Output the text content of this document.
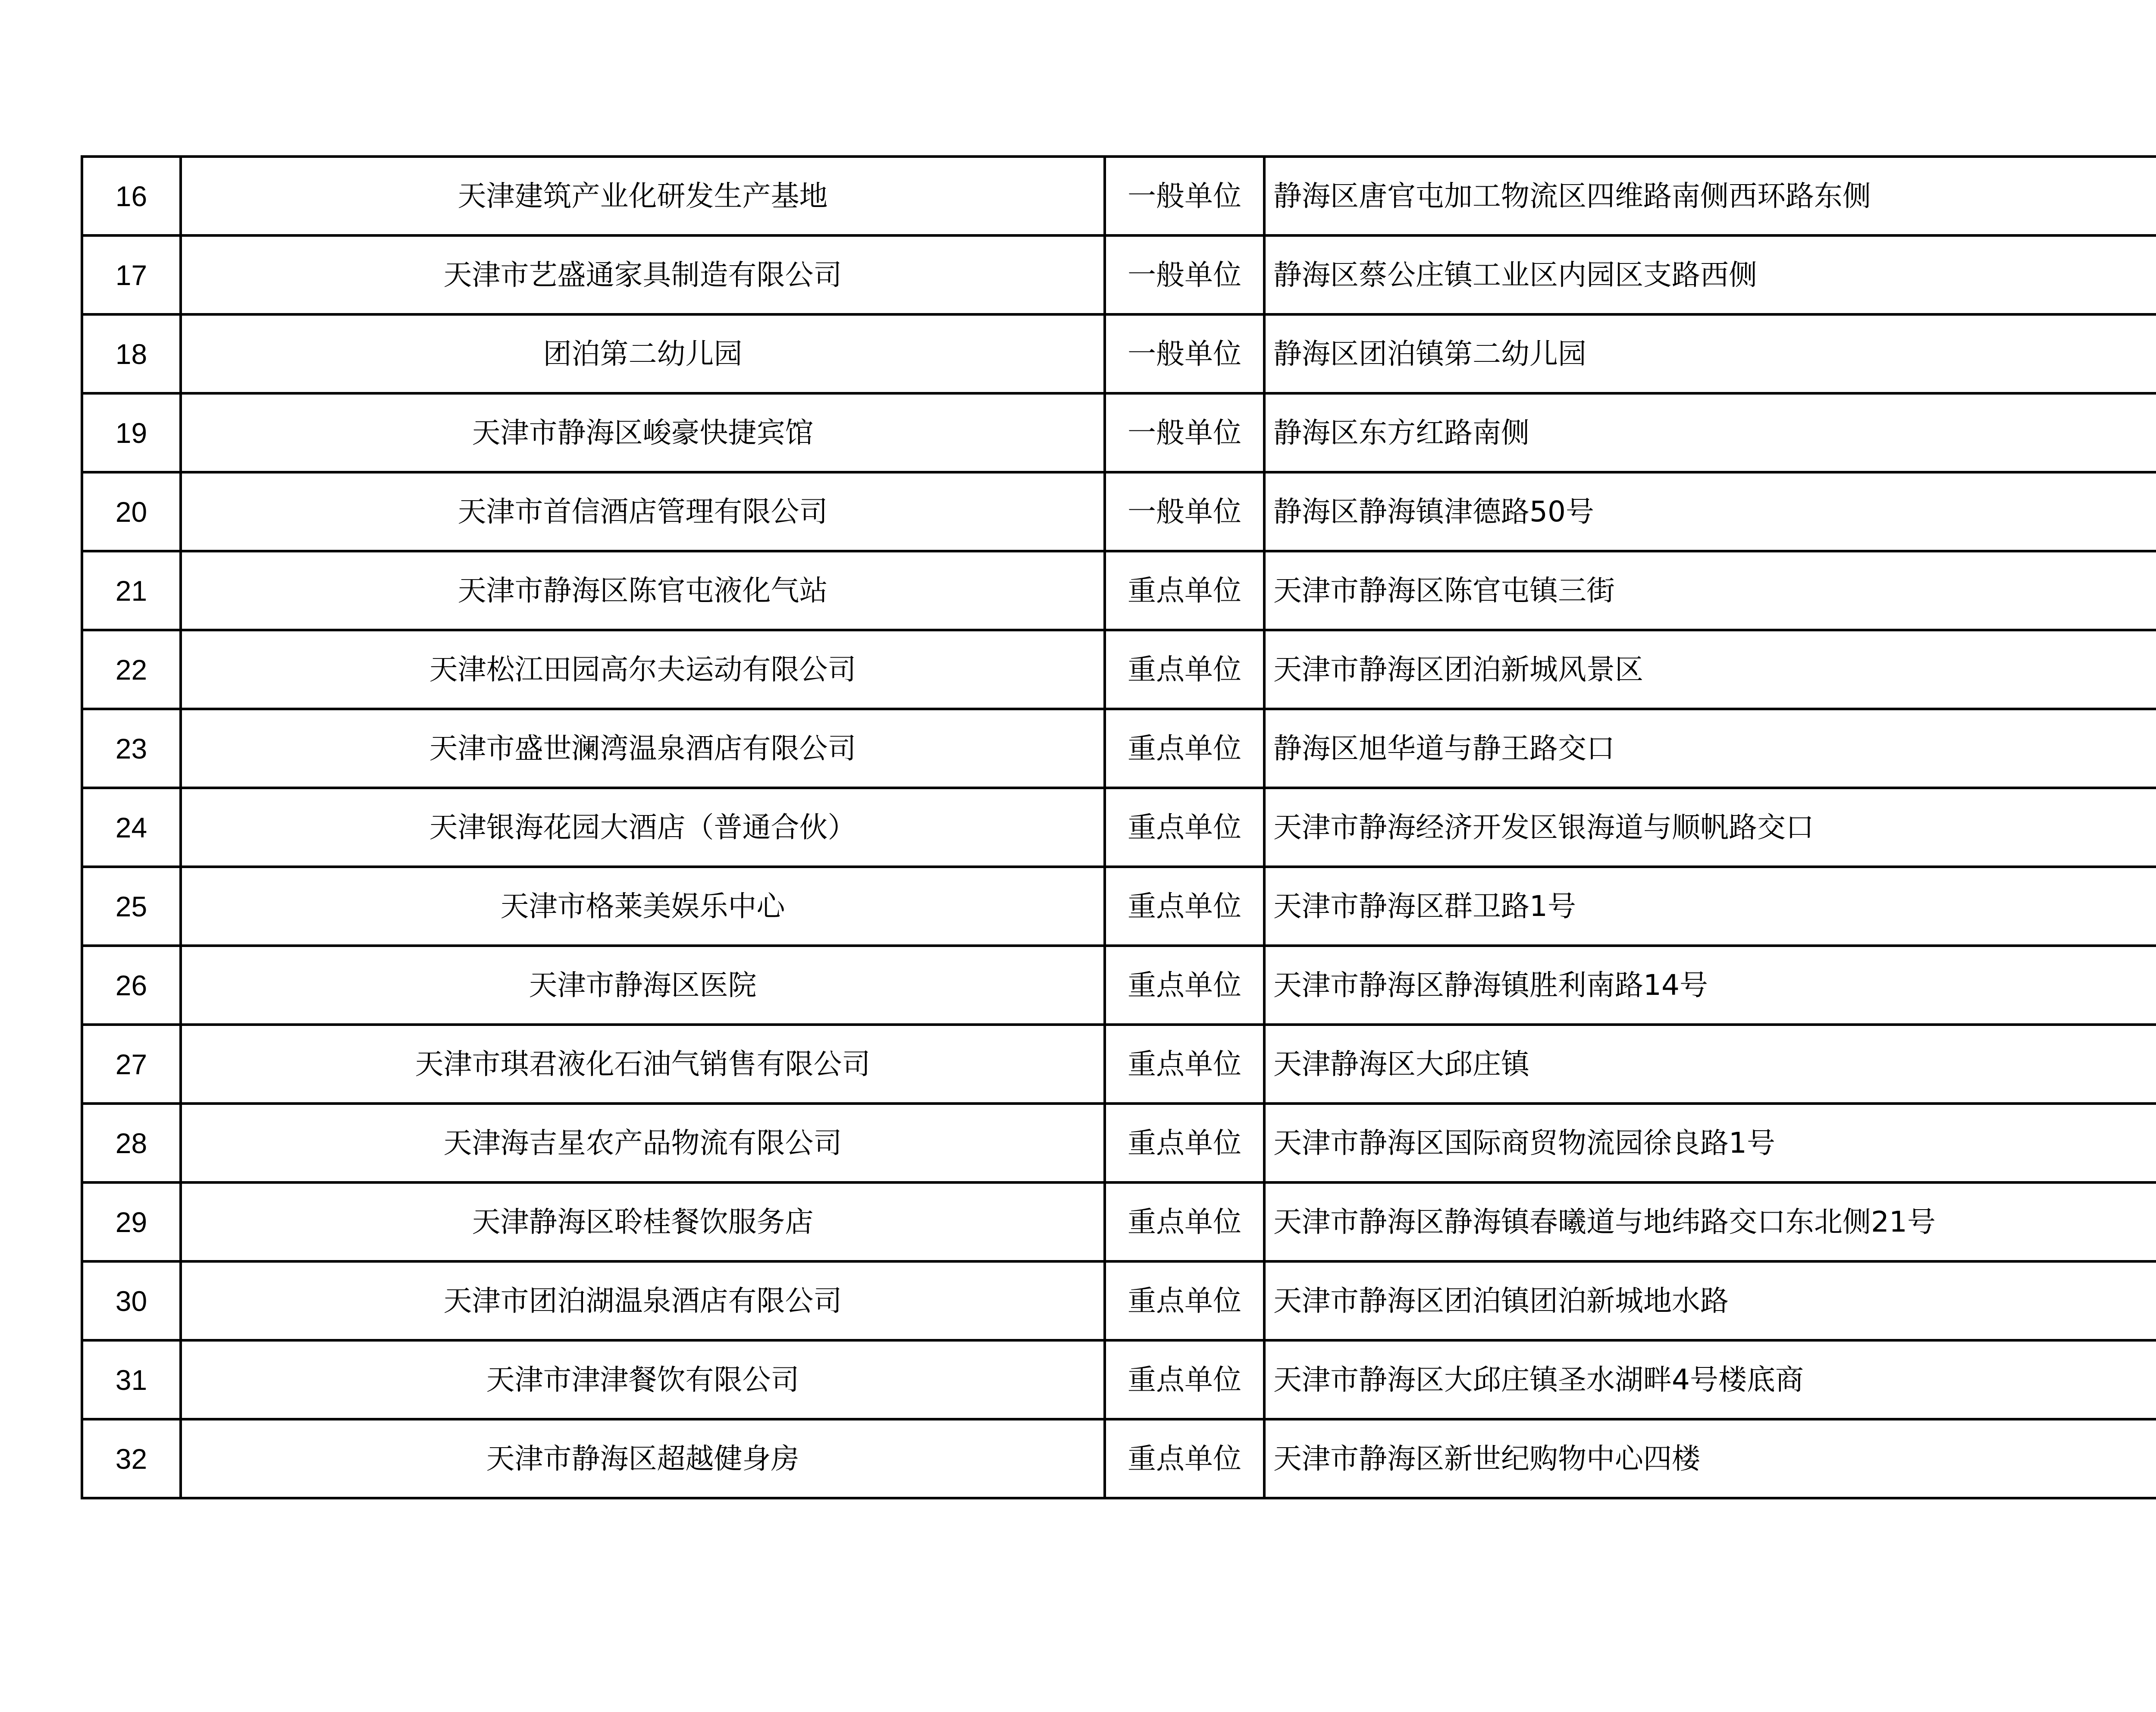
16	天津建筑产业化研发生产基地	一般单位	静海区唐官屯加工物流区四维路南侧西环路东侧	
17	天津市艺盛通家具制造有限公司	一般单位	静海区蔡公庄镇工业区内园区支路西侧	
18	团泊第二幼儿园	一般单位	静海区团泊镇第二幼儿园	
19	天津市静海区峻豪快捷宾馆	一般单位	静海区东方红路南侧	
20	天津市首信酒店管理有限公司	一般单位	静海区静海镇津德路50号	
21	天津市静海区陈官屯液化气站	重点单位	天津市静海区陈官屯镇三街	
22	天津松江田园高尔夫运动有限公司	重点单位	天津市静海区团泊新城风景区	
23	天津市盛世澜湾温泉酒店有限公司	重点单位	静海区旭华道与静王路交口	
24	天津银海花园大酒店（普通合伙）	重点单位	天津市静海经济开发区银海道与顺帆路交口	
25	天津市格莱美娱乐中心	重点单位	天津市静海区群卫路1号	
26	天津市静海区医院	重点单位	天津市静海区静海镇胜利南路14号	
27	天津市琪君液化石油气销售有限公司	重点单位	天津静海区大邱庄镇	
28	天津海吉星农产品物流有限公司	重点单位	天津市静海区国际商贸物流园徐良路1号	
29	天津静海区聆桂餐饮服务店	重点单位	天津市静海区静海镇春曦道与地纬路交口东北侧21号	
30	天津市团泊湖温泉酒店有限公司	重点单位	天津市静海区团泊镇团泊新城地水路	
31	天津市津津餐饮有限公司	重点单位	天津市静海区大邱庄镇圣水湖畔4号楼底商	
32	天津市静海区超越健身房	重点单位	天津市静海区新世纪购物中心四楼	
